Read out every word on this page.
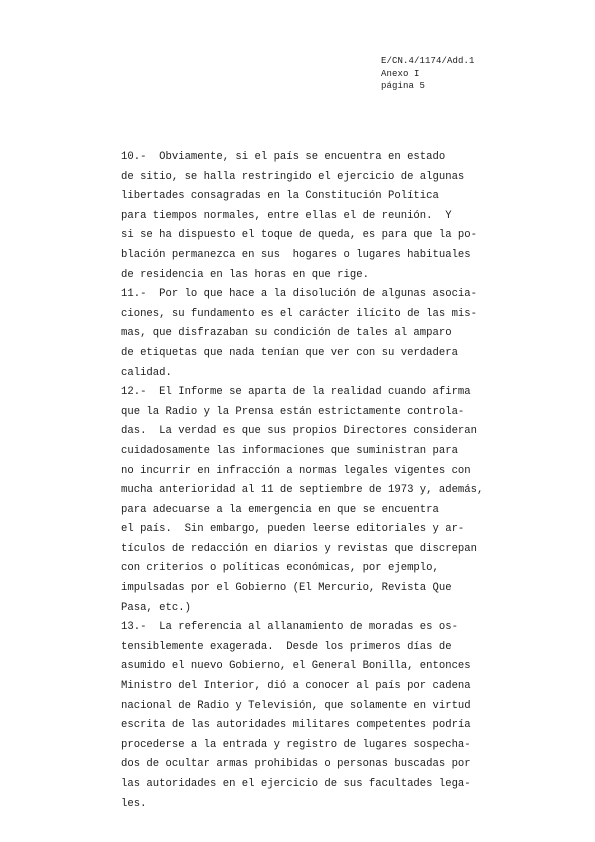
E/CN.4/1174/Add.1
Anexo I
página 5
10.-  Obviamente, si el país se encuentra en estado
de sitio, se halla restringido el ejercicio de algunas
libertades consagradas en la Constitución Política
para tiempos normales, entre ellas el de reunión.  Y
si se ha dispuesto el toque de queda, es para que la po-
blación permanezca en sus  hogares o lugares habituales
de residencia en las horas en que rige.
11.-  Por lo que hace a la disolución de algunas asocia-
ciones, su fundamento es el carácter ilícito de las mis-
mas, que disfrazaban su condición de tales al amparo
de etiquetas que nada tenían que ver con su verdadera
calidad.
12.-  El Informe se aparta de la realidad cuando afirma
que la Radio y la Prensa están estrictamente controla-
das.  La verdad es que sus propios Directores consideran
cuidadosamente las informaciones que suministran para
no incurrir en infracción a normas legales vigentes con
mucha anterioridad al 11 de septiembre de 1973 y, además,
para adecuarse a la emergencia en que se encuentra
el país.  Sin embargo, pueden leerse editoriales y ar-
tículos de redacción en diarios y revistas que discrepan
con criterios o políticas económicas, por ejemplo,
impulsadas por el Gobierno (El Mercurio, Revista Que
Pasa, etc.)
13.-  La referencia al allanamiento de moradas es os-
tensiblemente exagerada.  Desde los primeros días de
asumido el nuevo Gobierno, el General Bonilla, entonces
Ministro del Interior, dió a conocer al país por cadena
nacional de Radio y Televisión, que solamente en virtud
escrita de las autoridades militares competentes podría
procederse a la entrada y registro de lugares sospecha-
dos de ocultar armas prohibidas o personas buscadas por
las autoridades en el ejercicio de sus facultades lega-
les.
